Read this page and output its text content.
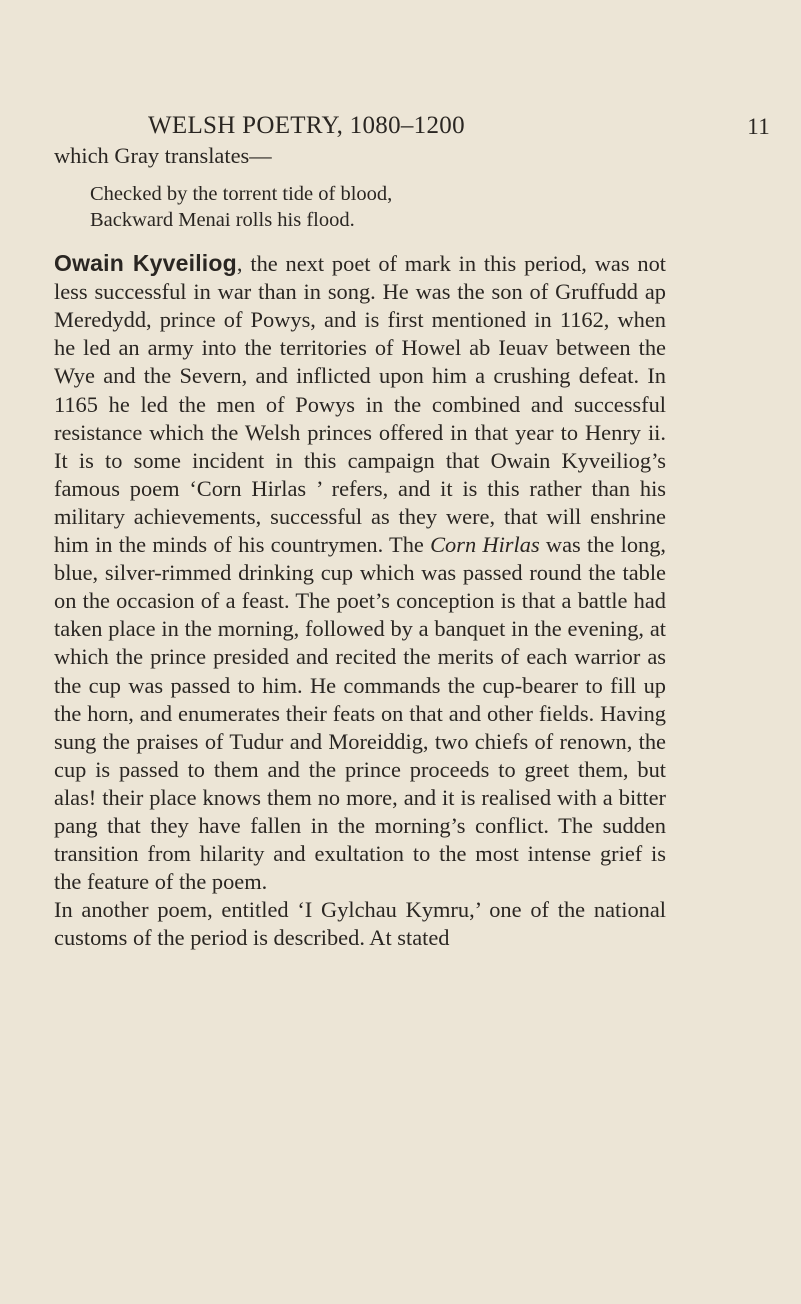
WELSH POETRY, 1080–1200	11

which Gray translates—

Checked by the torrent tide of blood,
Backward Menai rolls his flood.

Owain Kyveiliog, the next poet of mark in this period, was not less successful in war than in song. He was the son of Gruffudd ap Meredydd, prince of Powys, and is first mentioned in 1162, when he led an army into the territories of Howel ab Ieuav between the Wye and the Severn, and inflicted upon him a crushing defeat. In 1165 he led the men of Powys in the combined and successful resistance which the Welsh princes offered in that year to Henry ii. It is to some incident in this campaign that Owain Kyveiliog’s famous poem ‘Corn Hirlas ’ refers, and it is this rather than his military achievements, successful as they were, that will enshrine him in the minds of his countrymen. The Corn Hirlas was the long, blue, silver-rimmed drinking cup which was passed round the table on the occasion of a feast. The poet’s conception is that a battle had taken place in the morning, followed by a banquet in the evening, at which the prince presided and recited the merits of each warrior as the cup was passed to him. He commands the cup-bearer to fill up the horn, and enumerates their feats on that and other fields. Having sung the praises of Tudur and Moreiddig, two chiefs of renown, the cup is passed to them and the prince proceeds to greet them, but alas! their place knows them no more, and it is realised with a bitter pang that they have fallen in the morning’s conflict. The sudden transition from hilarity and exultation to the most intense grief is the feature of the poem.

In another poem, entitled ‘I Gylchau Kymru,’ one of the national customs of the period is described. At stated
